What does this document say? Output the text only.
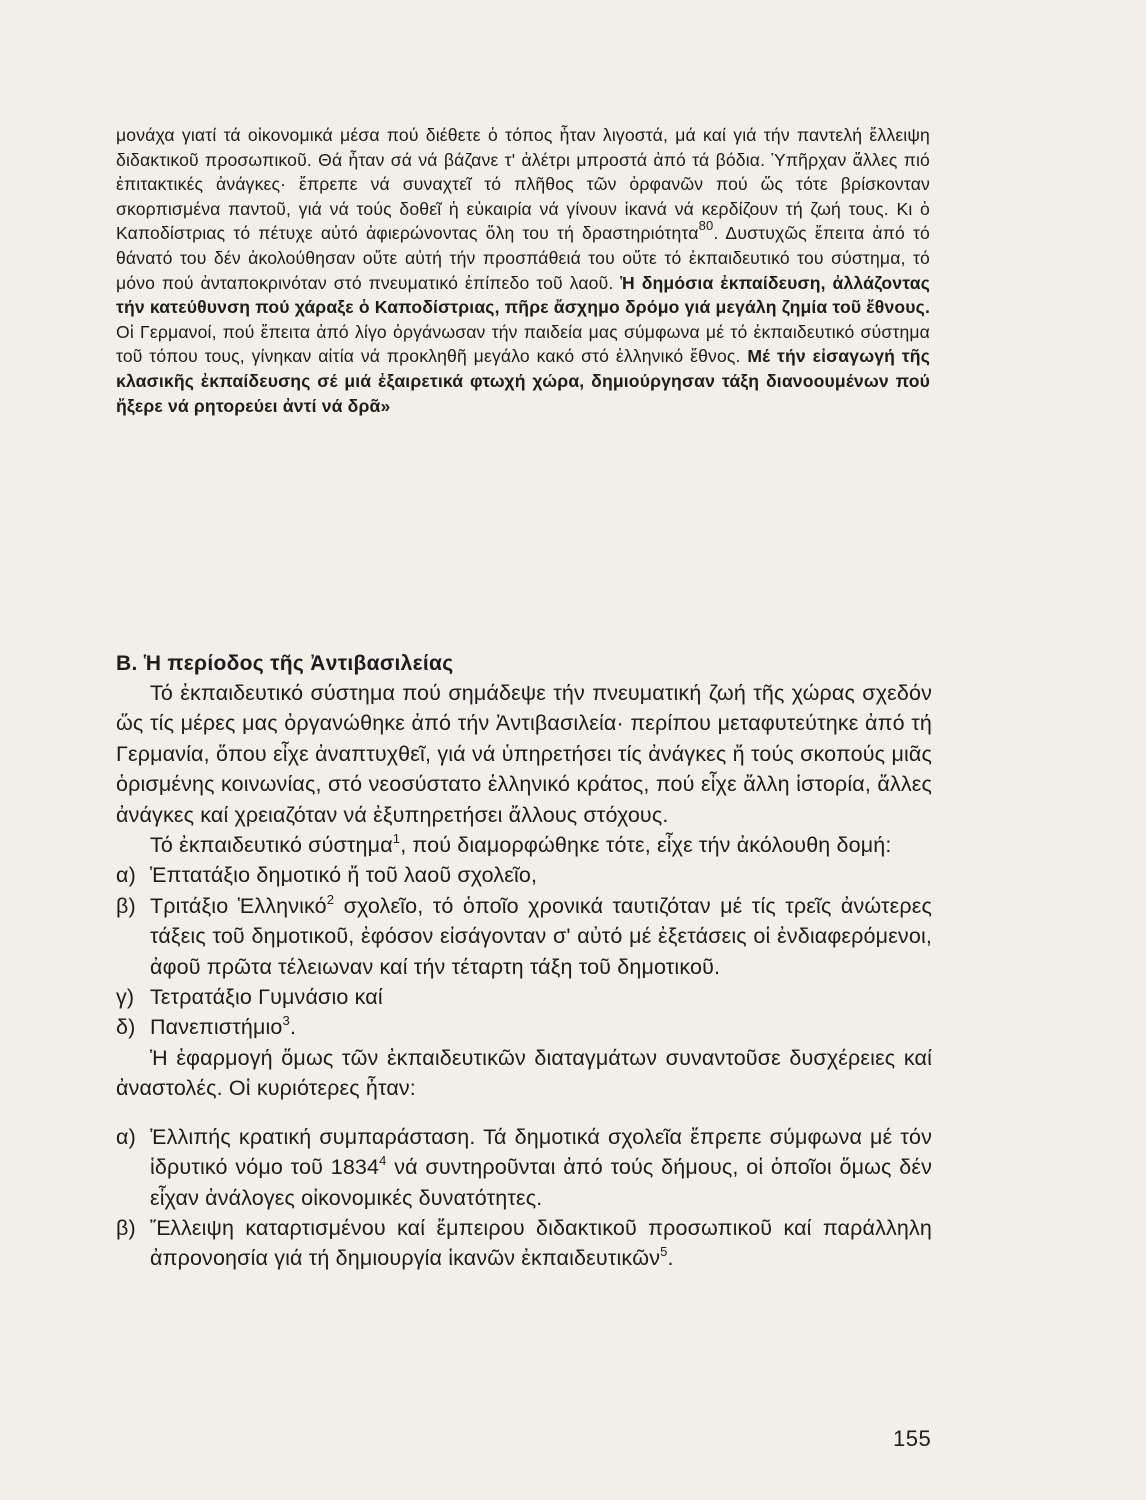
μονάχα γιατί τά οἰκονομικά μέσα πού διέθετε ὁ τόπος ἦταν λιγοστά, μά καί γιά τήν παντελή ἔλλειψη διδακτικοῦ προσωπικοῦ. Θά ἦταν σά νά βάζανε τ' ἀλέτρι μπροστά ἀπό τά βόδια. Ὑπῆρχαν ἄλλες πιό ἐπιτακτικές ἀνάγκες· ἔπρεπε νά συναχτεῖ τό πλῆθος τῶν ὀρφανῶν πού ὥς τότε βρίσκονταν σκορπισμένα παντοῦ, γιά νά τούς δοθεῖ ἡ εὐκαιρία νά γίνουν ἱκανά νά κερδίζουν τή ζωή τους. Κι ὁ Καποδίστριας τό πέτυχε αὐτό ἀφιερώνοντας ὅλη του τή δραστηριότητα$^{80}$. Δυστυχῶς ἔπειτα ἀπό τό θάνατό του δέν ἀκολούθησαν οὔτε αὐτή τήν προσπάθειά του οὔτε τό ἐκπαιδευτικό του σύστημα, τό μόνο πού ἀνταποκρινόταν στό πνευματικό ἐπίπεδο τοῦ λαοῦ. Ἡ δημόσια ἐκπαίδευση, ἀλλάζοντας τήν κατεύθυνση πού χάραξε ὁ Καποδίστριας, πῆρε ἄσχημο δρόμο γιά μεγάλη ζημία τοῦ ἔθνους. Οἱ Γερμανοί, πού ἔπειτα ἀπό λίγο ὀργάνωσαν τήν παιδεία μας σύμφωνα μέ τό ἐκπαιδευτικό σύστημα τοῦ τόπου τους, γίνηκαν αἰτία νά προκληθῆ μεγάλο κακό στό ἑλληνικό ἔθνος. Μέ τήν εἰσαγωγή τῆς κλασικῆς ἐκπαίδευσης σέ μιά ἐξαιρετικά φτωχή χώρα, δημιούργησαν τάξη διανοουμένων πού ἤξερε νά ρητορεύει ἀντί νά δρᾶ»

Β. Ἡ περίοδος τῆς Ἀντιβασιλείας

Τό ἐκπαιδευτικό σύστημα πού σημάδεψε τήν πνευματική ζωή τῆς χώρας σχεδόν ὥς τίς μέρες μας ὀργανώθηκε ἀπό τήν Ἀντιβασιλεία· περίπου μεταφυτεύτηκε ἀπό τή Γερμανία, ὅπου εἶχε ἀναπτυχθεῖ, γιά νά ὑπηρετήσει τίς ἀνάγκες ἤ τούς σκοπούς μιᾶς ὁρισμένης κοινωνίας, στό νεοσύστατο ἑλληνικό κράτος, πού εἶχε ἄλλη ἱστορία, ἄλλες ἀνάγκες καί χρειαζόταν νά ἐξυπηρετήσει ἄλλους στόχους.

Τό ἐκπαιδευτικό σύστημα$^1$, πού διαμορφώθηκε τότε, εἶχε τήν ἀκόλουθη δομή:

α) Ἑπτατάξιο δημοτικό ἤ τοῦ λαοῦ σχολεῖο,
β) Τριτάξιο Ἑλληνικό$^2$ σχολεῖο, τό ὁποῖο χρονικά ταυτιζόταν μέ τίς τρεῖς ἀνώτερες τάξεις τοῦ δημοτικοῦ, ἐφόσον εἰσάγονταν σ' αὐτό μέ ἐξετάσεις οἱ ἐνδιαφερόμενοι, ἀφοῦ πρῶτα τέλειωναν καί τήν τέταρτη τάξη τοῦ δημοτικοῦ.
γ) Τετρατάξιο Γυμνάσιο καί
δ) Πανεπιστήμιο$^3$.

Ἡ ἐφαρμογή ὅμως τῶν ἐκπαιδευτικῶν διαταγμάτων συναντοῦσε δυσχέρειες καί ἀναστολές. Οἱ κυριότερες ἦταν:

α) Ἐλλιπής κρατική συμπαράσταση. Τά δημοτικά σχολεῖα ἔπρεπε σύμφωνα μέ τόν ἱδρυτικό νόμο τοῦ 1834$^4$ νά συντηροῦνται ἀπό τούς δήμους, οἱ ὁποῖοι ὅμως δέν εἶχαν ἀνάλογες οἰκονομικές δυνατότητες.
β) Ἔλλειψη καταρτισμένου καί ἔμπειρου διδακτικοῦ προσωπικοῦ καί παράλληλη ἀπρονοησία γιά τή δημιουργία ἱκανῶν ἐκπαιδευτικῶν$^5$.
155
